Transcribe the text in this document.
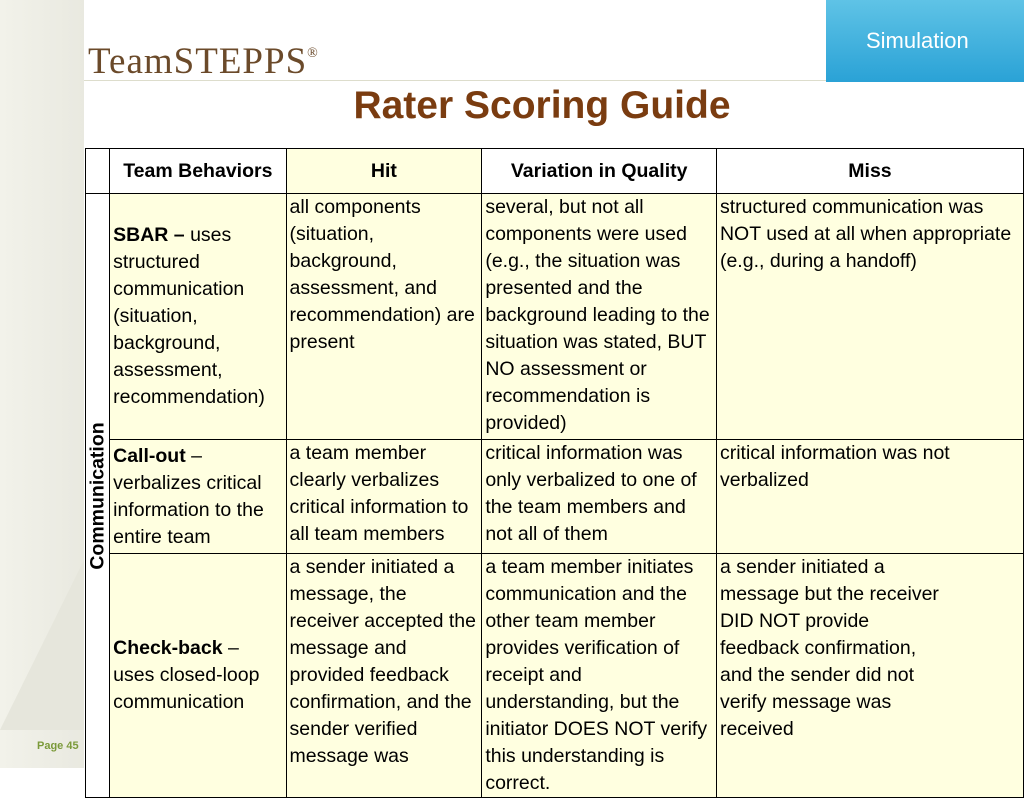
TeamSTEPPS®
Simulation
Rater Scoring Guide
	Team Behaviors	Hit	Variation in Quality	Miss

Communication	SBAR – uses structured communication (situation, background, assessment, recommendation)	all components (situation, background, assessment, and recommendation) are present	several, but not all components were used (e.g., the situation was presented and the background leading to the situation was stated, BUT NO assessment or recommendation is provided)	structured communication was NOT used at all when appropriate (e.g., during a handoff)

	Call-out – verbalizes critical information to the entire team	a team member clearly verbalizes critical information to all team members	critical information was only verbalized to one of the team members and not all of them	critical information was not verbalized

	Check-back – uses closed-loop communication	a sender initiated a message, the receiver accepted the message and provided feedback confirmation, and the sender verified message was	a team member initiates communication and the other team member provides verification of receipt and understanding, but the initiator DOES NOT verify this understanding is correct.	a sender initiated a message but the receiver DID NOT provide feedback confirmation, and the sender did not verify message was received
Page 45
